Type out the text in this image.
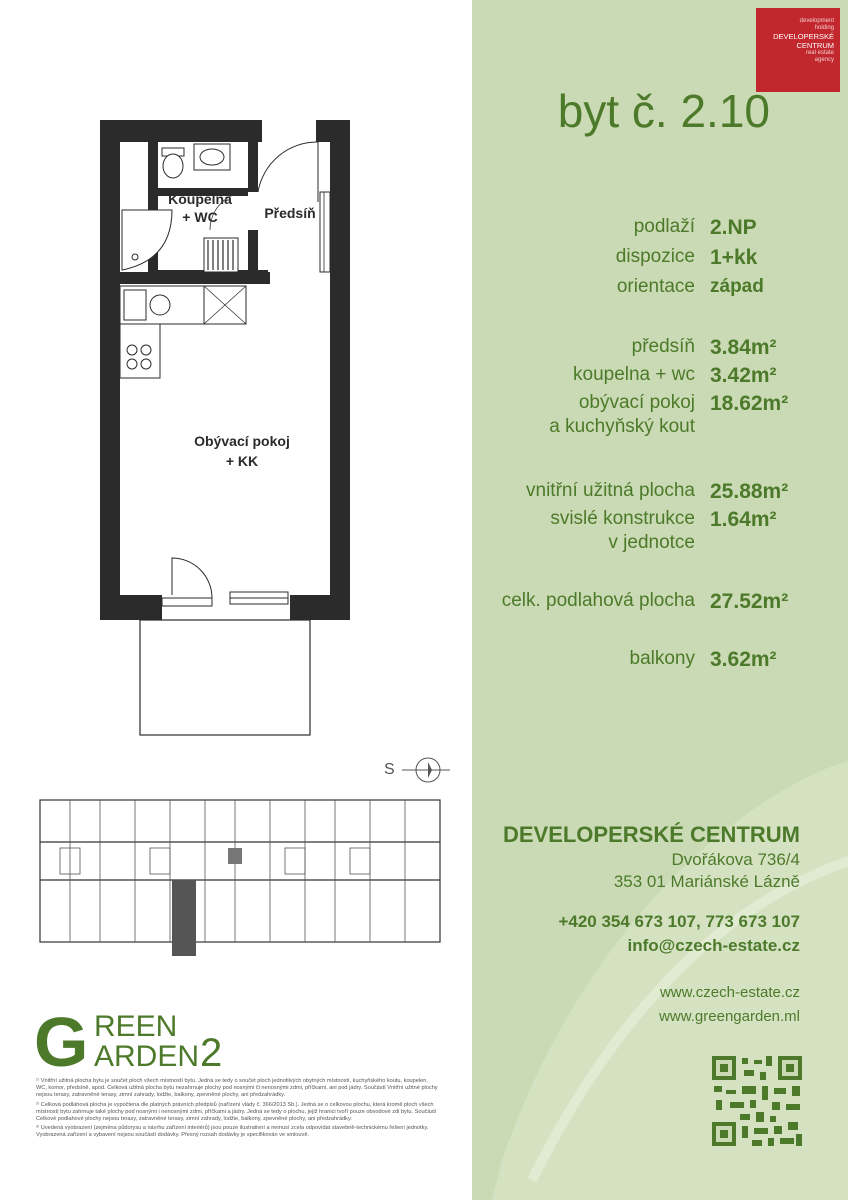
Koupelna
+ WC	Předsíň
Obývací pokoj
+ KK
S
G REEN
ARDEN 2

¹⁾ Vnitřní užitná plocha bytu je součet ploch všech místností bytu. Jedná se tedy o součet ploch jednotlivých obytných místností, kuchyňského koutu, koupelen, WC, komor, předsíně, apod. Celková užitná plocha bytu nezahrnuje plochy pod nosnými či nenosnými zdmi, příčkami, ani pod jádry. Součástí Vnitřní užitné plochy nejsou terasy, zatravněné terasy, zimní zahrady, lodžie, balkony, zpevněné plochy, ani předzahrádky.

²⁾ Celková podlahová plocha je vypočtena dle platných právních předpisů (nařízení vlády č. 366/2013 Sb.). Jedná se o celkovou plochu, která kromě ploch všech místností bytu zahrnuje také plochy pod nosnými i nenosnými zdmi, příčkami a jádry. Jedná se tedy o plochu, jejíž hranici tvoří pouze obvodové zdi bytu. Součástí Celkové podlahové plochy nejsou terasy, zatravněné terasy, zimní zahrady, lodžie, balkony, zpevněné plochy, ani předzahrádky.

³⁾ Uvedená vyobrazení (zejména půdorysu a návrhu zařízení interiérů) jsou pouze ilustrativní a nemusí zcela odpovídat stavebně-technickému řešení jednotky. Vyobrazená zařízení a vybavení nejsou součástí dodávky. Přesný rozsah dodávky je specifikován ve smlouvě.

development
holding
DEVELOPERSKÉ
CENTRUM
real estate
agency
byt č. 2.10
podlaží 2.NP
dispozice 1+kk
orientace západ
předsíň 3.84m²
koupelna + wc 3.42m²
obývací pokoj
a kuchyňský kout
18.62m²
vnitřní užitná plocha 25.88m²
svislé konstrukce
v jednotce
1.64m²
celk. podlahová plocha 27.52m²
balkony 3.62m²
DEVELOPERSKÉ CENTRUM
Dvořákova 736/4
353 01 Mariánské Lázně
+420 354 673 107, 773 673 107
info@czech-estate.cz
www.czech-estate.cz
www.greengarden.ml
